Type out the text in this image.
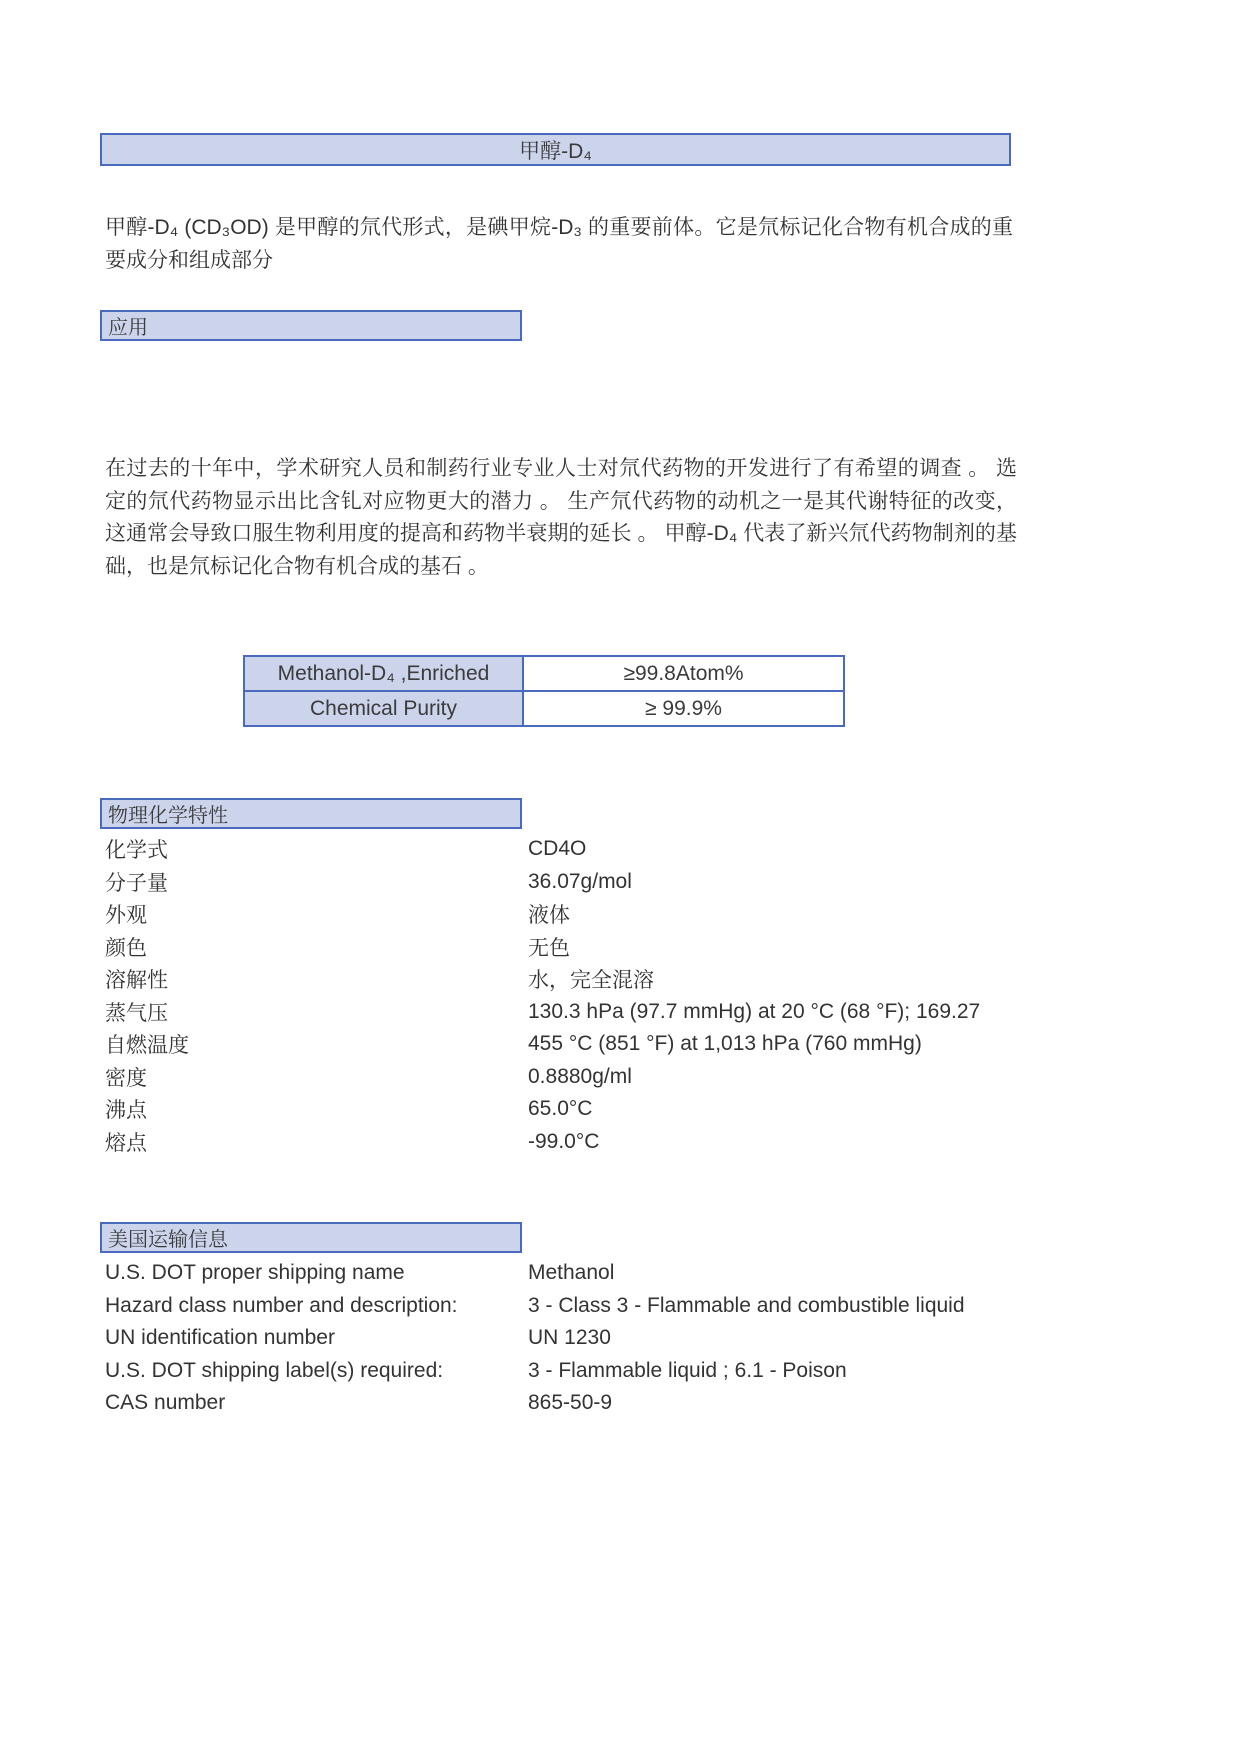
甲醇-D₄
甲醇-D₄ (CD₃OD) 是甲醇的氘代形式，是碘甲烷-D₃ 的重要前体。它是氘标记化合物有机合成的重要成分和组成部分
应用
在过去的十年中，学术研究人员和制药行业专业人士对氘代药物的开发进行了有希望的调查 。 选定的氘代药物显示出比含钆对应物更大的潜力 。 生产氘代药物的动机之一是其代谢特征的改变，这通常会导致口服生物利用度的提高和药物半衰期的延长 。 甲醇-D₄ 代表了新兴氘代药物制剂的基础，也是氘标记化合物有机合成的基石 。
Methanol-D₄ ,Enriched	≥99.8Atom%
Chemical Purity	≥ 99.9%
物理化学特性
化学式	CD4O
分子量	36.07g/mol
外观	液体
颜色	无色
溶解性	水，完全混溶
蒸气压	130.3 hPa (97.7 mmHg) at 20 °C (68 °F); 169.27
自燃温度	455 °C (851 °F) at 1,013 hPa (760 mmHg)
密度	0.8880g/ml
沸点	65.0°C
熔点	-99.0°C
美国运输信息
U.S. DOT proper shipping name	Methanol
Hazard class number and description:	3 - Class 3 - Flammable and combustible liquid
UN identification number	UN 1230
U.S. DOT shipping label(s) required:	3 - Flammable liquid ; 6.1 - Poison
CAS number	865-50-9
